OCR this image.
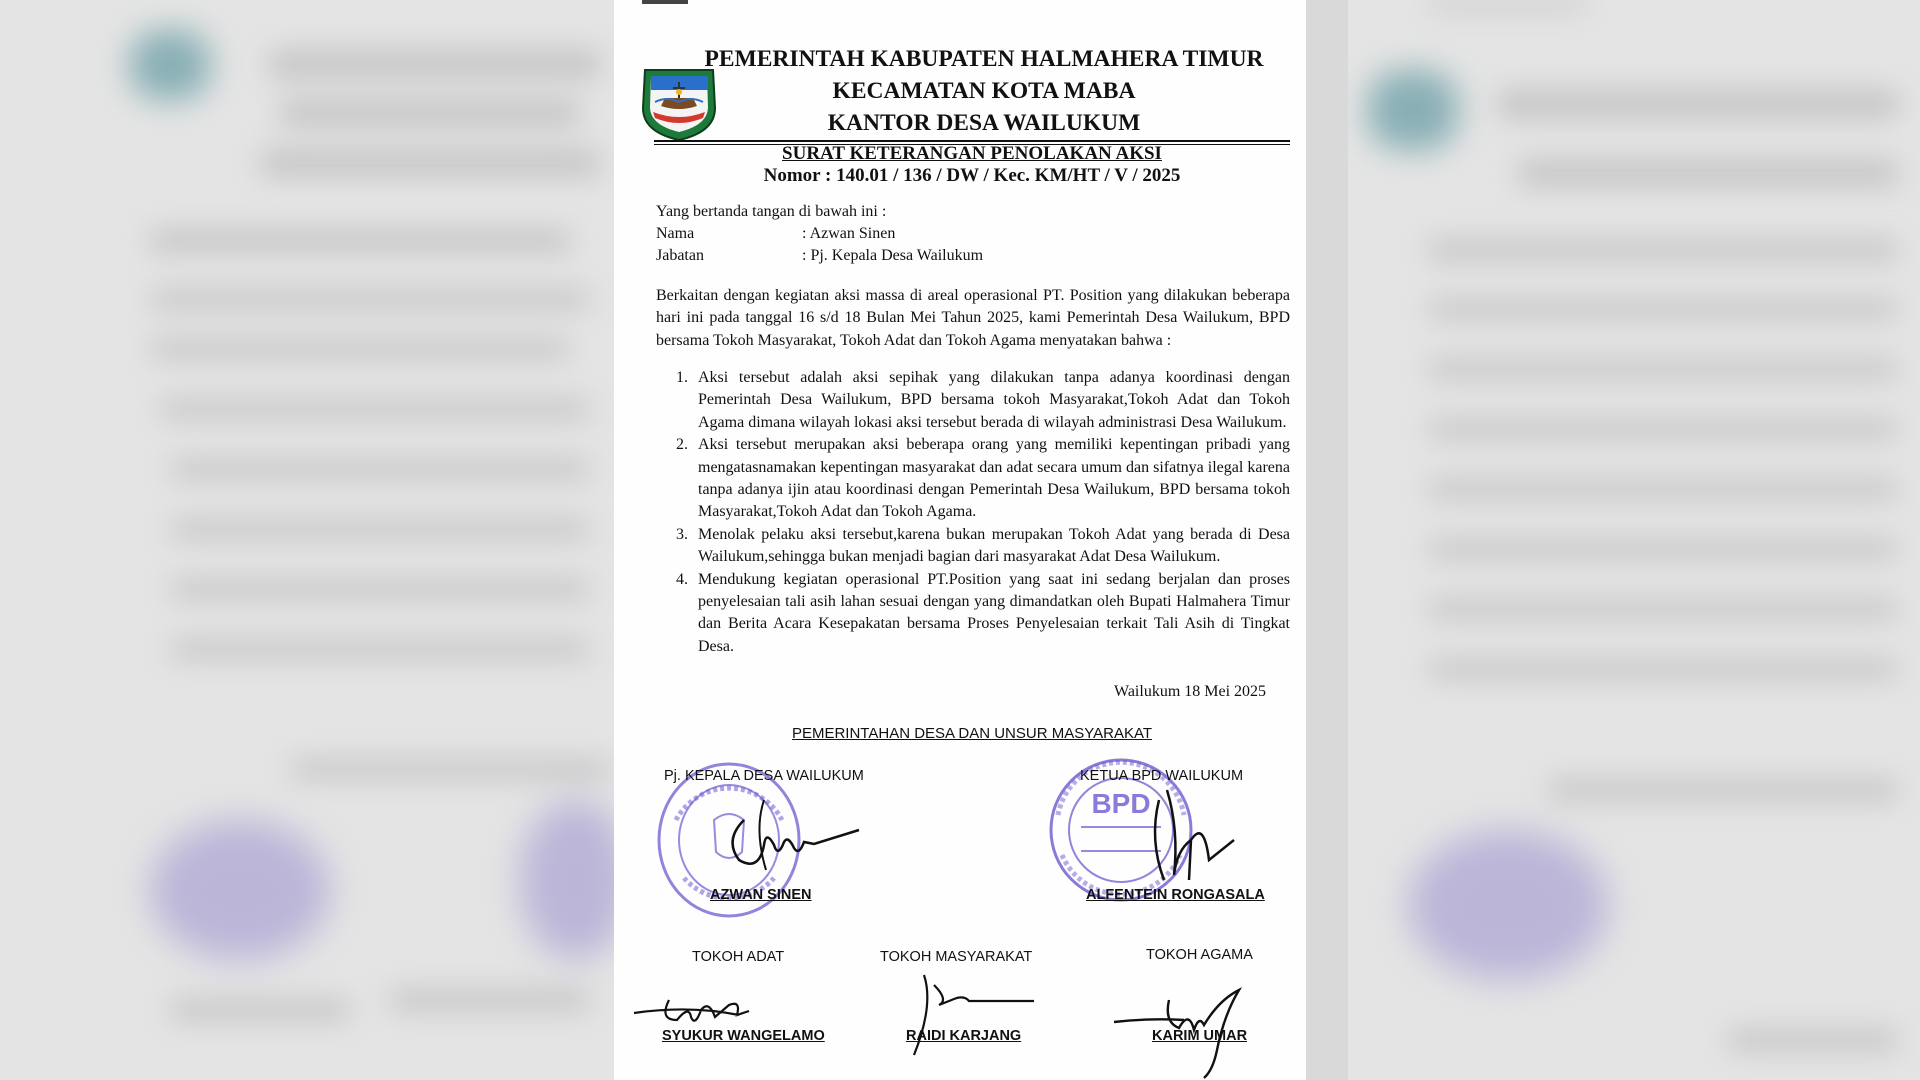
PEMERINTAH KABUPATEN HALMAHERA TIMUR
KECAMATAN KOTA MABA
KANTOR DESA WAILUKUM
SURAT KETERANGAN PENOLAKAN AKSI
Nomor : 140.01 / 136 / DW / Kec. KM/HT / V / 2025
Yang bertanda tangan di bawah ini :
Nama	: Azwan Sinen
Jabatan	: Pj. Kepala Desa Wailukum
Berkaitan dengan kegiatan aksi massa di areal operasional PT. Position yang dilakukan beberapa hari ini pada tanggal 16 s/d 18 Bulan Mei Tahun 2025, kami Pemerintah Desa Wailukum, BPD bersama Tokoh Masyarakat, Tokoh Adat dan Tokoh Agama menyatakan bahwa :
1. Aksi tersebut adalah aksi sepihak yang dilakukan tanpa adanya koordinasi dengan Pemerintah Desa Wailukum, BPD bersama tokoh Masyarakat,Tokoh Adat dan Tokoh Agama dimana wilayah lokasi aksi tersebut berada di wilayah administrasi Desa Wailukum.
2. Aksi tersebut merupakan aksi beberapa orang yang memiliki kepentingan pribadi yang mengatasnamakan kepentingan masyarakat dan adat secara umum dan sifatnya ilegal karena tanpa adanya ijin atau koordinasi dengan Pemerintah Desa Wailukum, BPD bersama tokoh Masyarakat,Tokoh Adat dan Tokoh Agama.
3. Menolak pelaku aksi tersebut,karena bukan merupakan Tokoh Adat yang berada di Desa Wailukum,sehingga bukan menjadi bagian dari masyarakat Adat Desa Wailukum.
4. Mendukung kegiatan operasional PT.Position yang saat ini sedang berjalan dan proses penyelesaian tali asih lahan sesuai dengan yang dimandatkan oleh Bupati Halmahera Timur dan Berita Acara Kesepakatan bersama Proses Penyelesaian terkait Tali Asih di Tingkat Desa.
Wailukum 18 Mei 2025
PEMERINTAHAN DESA DAN UNSUR MASYARAKAT
BPD
Pj. KEPALA DESA WAILUKUM	KETUA BPD WAILUKUM
AZWAN SINEN	ALFENTEIN RONGASALA
TOKOH ADAT	TOKOH MASYARAKAT	TOKOH AGAMA
SYUKUR WANGELAMO	RAIDI KARJANG	KARIM UMAR
